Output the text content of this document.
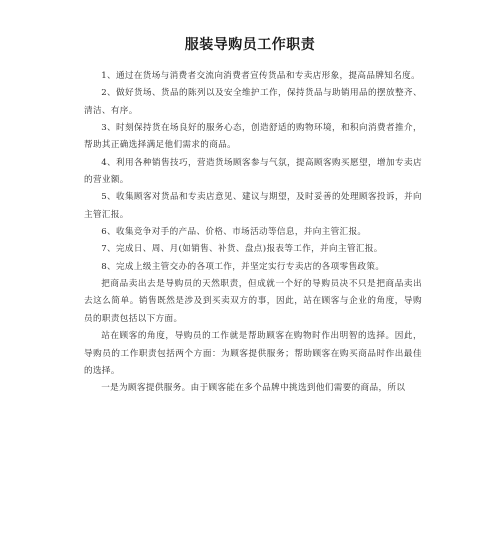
服装导购员工作职责

1、通过在货场与消费者交流向消费者宣传货品和专卖店形象，提高品牌知名度。

2、做好货场、货品的陈列以及安全维护工作，保持货品与助销用品的摆放整齐、清洁、有序。

3、时刻保持货在场良好的服务心态，创造舒适的购物环境，和积向消费者推介，帮助其正确选择满足他们需求的商品。

4、利用各种销售技巧，营造货场顾客参与气氛，提高顾客购买愿望，增加专卖店的营业额。

5、收集顾客对货品和专卖店意见、建议与期望，及时妥善的处理顾客投诉，并向主管汇报。

6、收集竞争对手的产品、价格、市场活动等信息，并向主管汇报。

7、完成日、周、月(如销售、补货、盘点)报表等工作，并向主管汇报。

8、完成上级主管交办的各项工作，并坚定实行专卖店的各项零售政策。

把商品卖出去是导购员的天然职责，但成就一个好的导购员决不只是把商品卖出去这么简单。销售既然是涉及到买卖双方的事，因此，站在顾客与企业的角度，导购员的职责包括以下方面。

站在顾客的角度，导购员的工作就是帮助顾客在购物时作出明智的选择。因此，导购员的工作职责包括两个方面：为顾客提供服务；帮助顾客在购买商品时作出最佳的选择。

一是为顾客提供服务。由于顾客能在多个品牌中挑选到他们需要的商品，所以
